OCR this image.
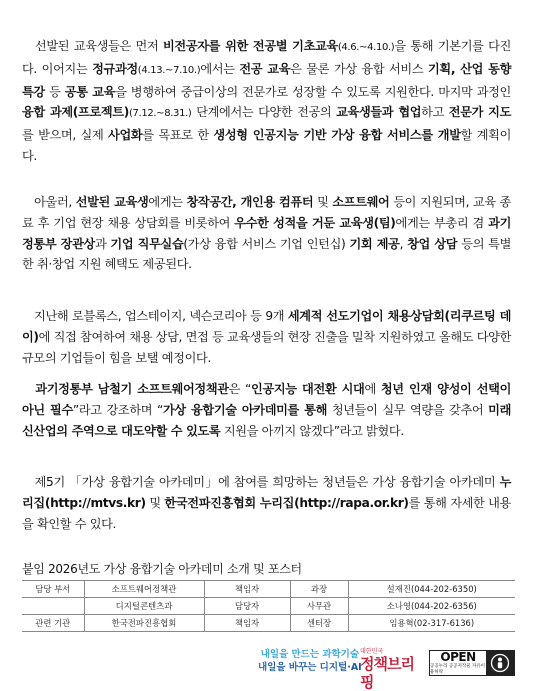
　선발된 교육생들은 먼저 비전공자를 위한 전공별 기초교육(4.6.~4.10.)을 통해 기본기를 다진다. 이어지는 정규과정(4.13.~7.10.)에서는 전공 교육은 물론 가상 융합 서비스 기획, 산업 동향 특강 등 공통 교육을 병행하여 중급이상의 전문가로 성장할 수 있도록 지원한다. 마지막 과정인 융합 과제(프로젝트)(7.12.~8.31.) 단계에서는 다양한 전공의 교육생들과 협업하고 전문가 지도를 받으며, 실제 사업화를 목표로 한 생성형 인공지능 기반 가상 융합 서비스를 개발할 계획이다.
　아울러, 선발된 교육생에게는 창작공간, 개인용 컴퓨터 및 소프트웨어 등이 지원되며, 교육 종료 후 기업 현장 채용 상담회를 비롯하여 우수한 성적을 거둔 교육생(팀)에게는 부총리 겸 과기정통부 장관상과 기업 직무실습(가상 융합 서비스 기업 인턴십) 기회 제공, 창업 상담 등의 특별한 취·창업 지원 혜택도 제공된다.
　지난해 로블록스, 업스테이지, 넥슨코리아 등 9개 세계적 선도기업이 채용상담회(리쿠르팅 데이)에 직접 참여하여 채용 상담, 면접 등 교육생들의 현장 진출을 밀착 지원하였고 올해도 다양한 규모의 기업들이 힘을 보탤 예정이다.
　과기정통부 남철기 소프트웨어정책관은 “인공지능 대전환 시대에 청년 인재 양성이 선택이 아닌 필수”라고 강조하며 “가상 융합기술 아카데미를 통해 청년들이 실무 역량을 갖추어 미래 신산업의 주역으로 대도약할 수 있도록 지원을 아끼지 않겠다”라고 밝혔다.
　제5기 「가상 융합기술 아카데미」에 참여를 희망하는 청년들은 가상 융합기술 아카데미 누리집(http://mtvs.kr) 및 한국전파진흥협회 누리집(http://rapa.or.kr)를 통해 자세한 내용을 확인할 수 있다.
붙임 2026년도 가상 융합기술 아카데미 소개 및 포스터
담당 부서	소프트웨어정책관	책임자	과장	설재진(044-202-6350)
	디지털콘텐츠과	담당자	사무관	소나영(044-202-6356)
관련 기관	한국전파진흥협회	책임자	센터장	임용혁(02-317-6136)
내일을 만드는 과학기술
내일을 바꾸는 디지털·AI
대한민국
정책브리핑
OPEN
공공누리 공공저작물 자유이용허락
